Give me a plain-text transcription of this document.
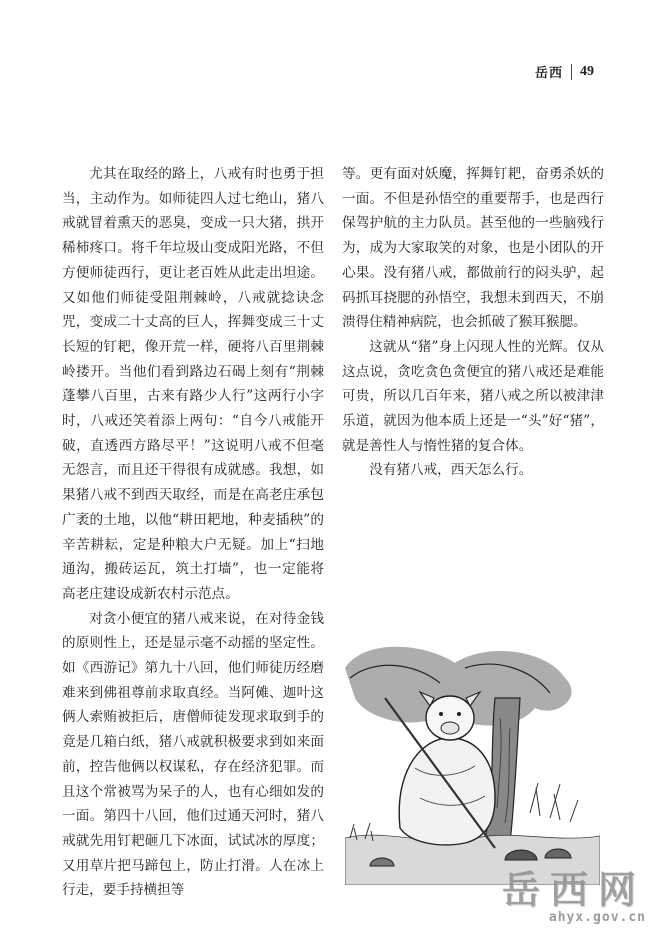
岳西 49

尤其在取经的路上，八戒有时也勇于担当，主动作为。如师徒四人过七绝山，猪八戒就冒着熏天的恶臭，变成一只大猪，拱开稀柿疼口。将千年垃圾山变成阳光路，不但方便师徒西行，更让老百姓从此走出坦途。又如他们师徒受阻荆棘岭，八戒就捻诀念咒，变成二十丈高的巨人，挥舞变成三十丈长短的钉耙，像开荒一样，硬将八百里荆棘岭搂开。当他们看到路边石碣上刻有“荆棘蓬攀八百里，古来有路少人行”这两行小字时，八戒还笑着添上两句：“自今八戒能开破，直透西方路尽平！”这说明八戒不但毫无怨言，而且还干得很有成就感。我想，如果猪八戒不到西天取经，而是在高老庄承包广袤的土地，以他“耕田耙地，种麦插秧”的辛苦耕耘，定是种粮大户无疑。加上“扫地通沟，搬砖运瓦，筑土打墙”，也一定能将高老庄建设成新农村示范点。

对贪小便宜的猪八戒来说，在对待金钱的原则性上，还是显示毫不动摇的坚定性。如《西游记》第九十八回，他们师徒历经磨难来到佛祖尊前求取真经。当阿傩、迦叶这俩人索贿被拒后，唐僧师徒发现求取到手的竟是几箱白纸，猪八戒就积极要求到如来面前，控告他俩以权谋私，存在经济犯罪。而且这个常被骂为呆子的人，也有心细如发的一面。第四十八回，他们过通天河时，猪八戒就先用钉耙砸几下冰面，试试冰的厚度；又用草片把马蹄包上，防止打滑。人在冰上行走，要手持横担等

等。更有面对妖魔，挥舞钉耙，奋勇杀妖的一面。不但是孙悟空的重要帮手，也是西行保驾护航的主力队员。甚至他的一些脑残行为，成为大家取笑的对象，也是小团队的开心果。没有猪八戒，都做前行的闷头驴，起码抓耳挠腮的孙悟空，我想未到西天，不崩溃得住精神病院，也会抓破了猴耳猴腮。

这就从“猪”身上闪现人性的光辉。仅从这点说，贪吃贪色贪便宜的猪八戒还是难能可贵，所以几百年来，猪八戒之所以被津津乐道，就因为他本质上还是一“头”好“猪”，就是善性人与惰性猪的复合体。

没有猪八戒，西天怎么行。

岳西网
ahyx.gov.cn
